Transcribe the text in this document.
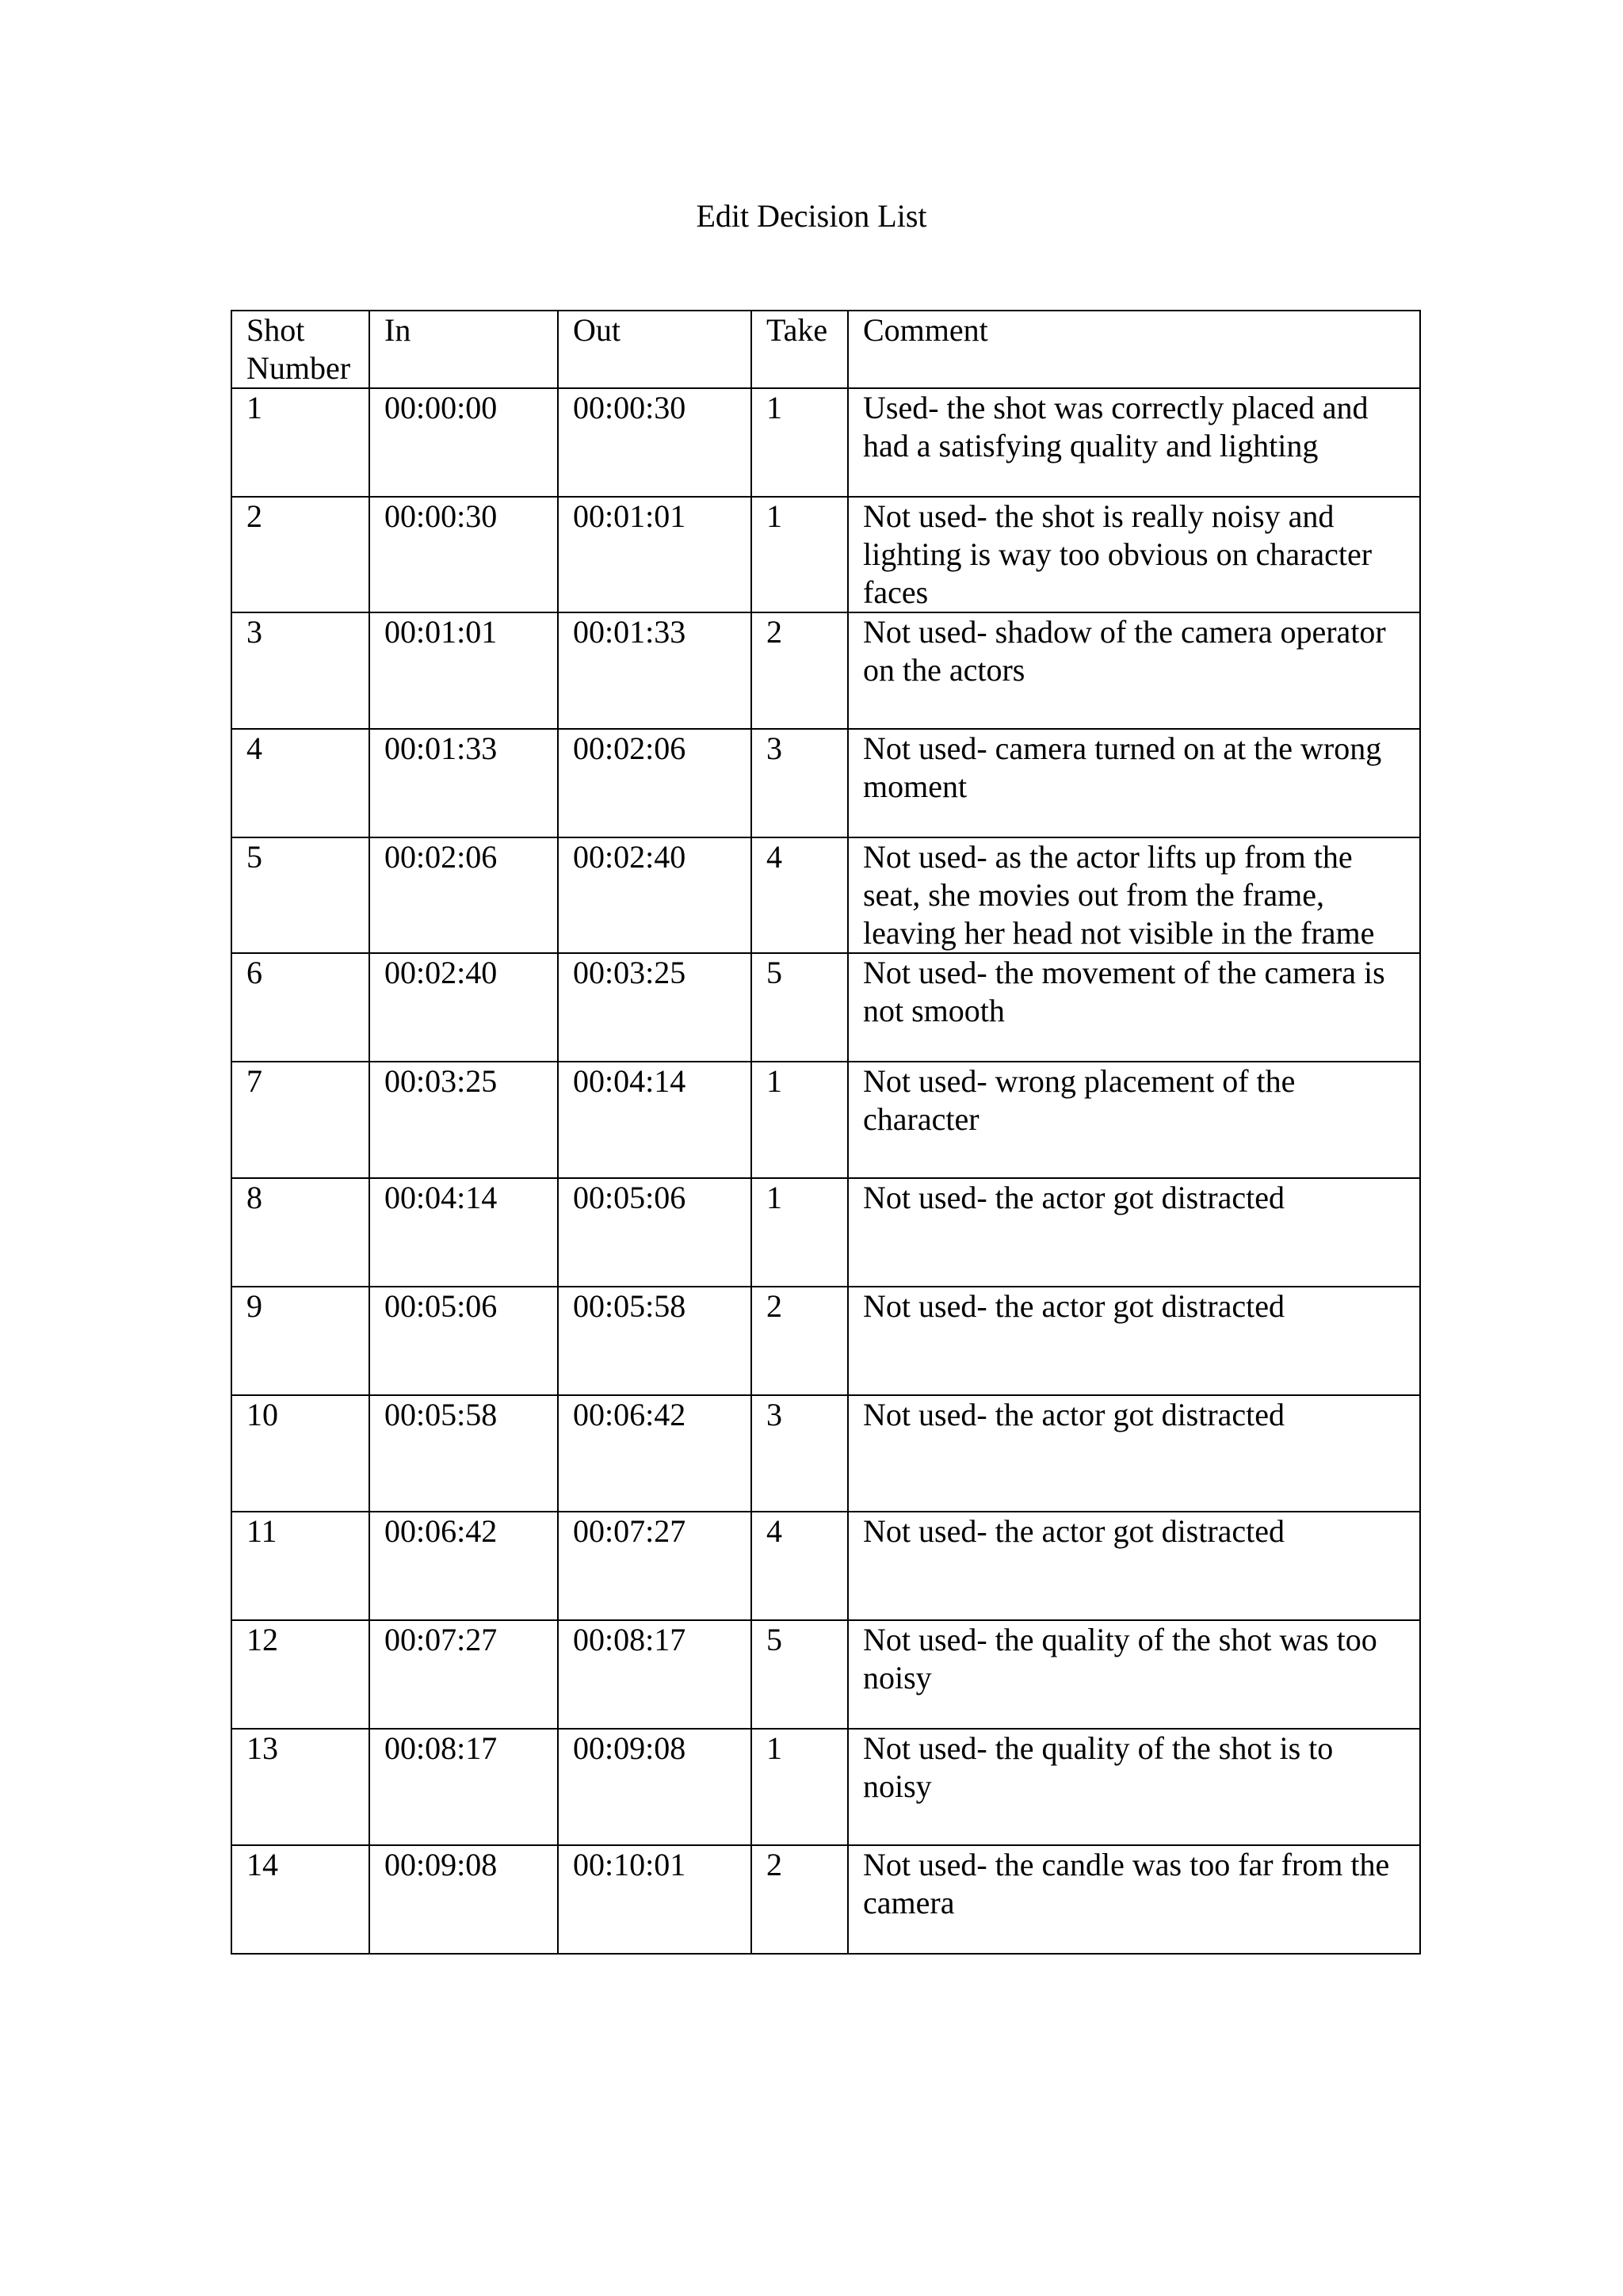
Edit Decision List
Shot Number	In	Out	Take	Comment
1	00:00:00	00:00:30	1	Used- the shot was correctly placed and had a satisfying quality and lighting
2	00:00:30	00:01:01	1	Not used- the shot is really noisy and lighting is way too obvious on character faces
3	00:01:01	00:01:33	2	Not used- shadow of the camera operator on the actors
4	00:01:33	00:02:06	3	Not used- camera turned on at the wrong moment
5	00:02:06	00:02:40	4	Not used- as the actor lifts up from the seat, she movies out from the frame, leaving her head not visible in the frame
6	00:02:40	00:03:25	5	Not used- the movement of the camera is not smooth
7	00:03:25	00:04:14	1	Not used- wrong placement of the character
8	00:04:14	00:05:06	1	Not used- the actor got distracted
9	00:05:06	00:05:58	2	Not used- the actor got distracted
10	00:05:58	00:06:42	3	Not used- the actor got distracted
11	00:06:42	00:07:27	4	Not used- the actor got distracted
12	00:07:27	00:08:17	5	Not used- the quality of the shot was too noisy
13	00:08:17	00:09:08	1	Not used- the quality of the shot is to noisy
14	00:09:08	00:10:01	2	Not used- the candle was too far from the camera
